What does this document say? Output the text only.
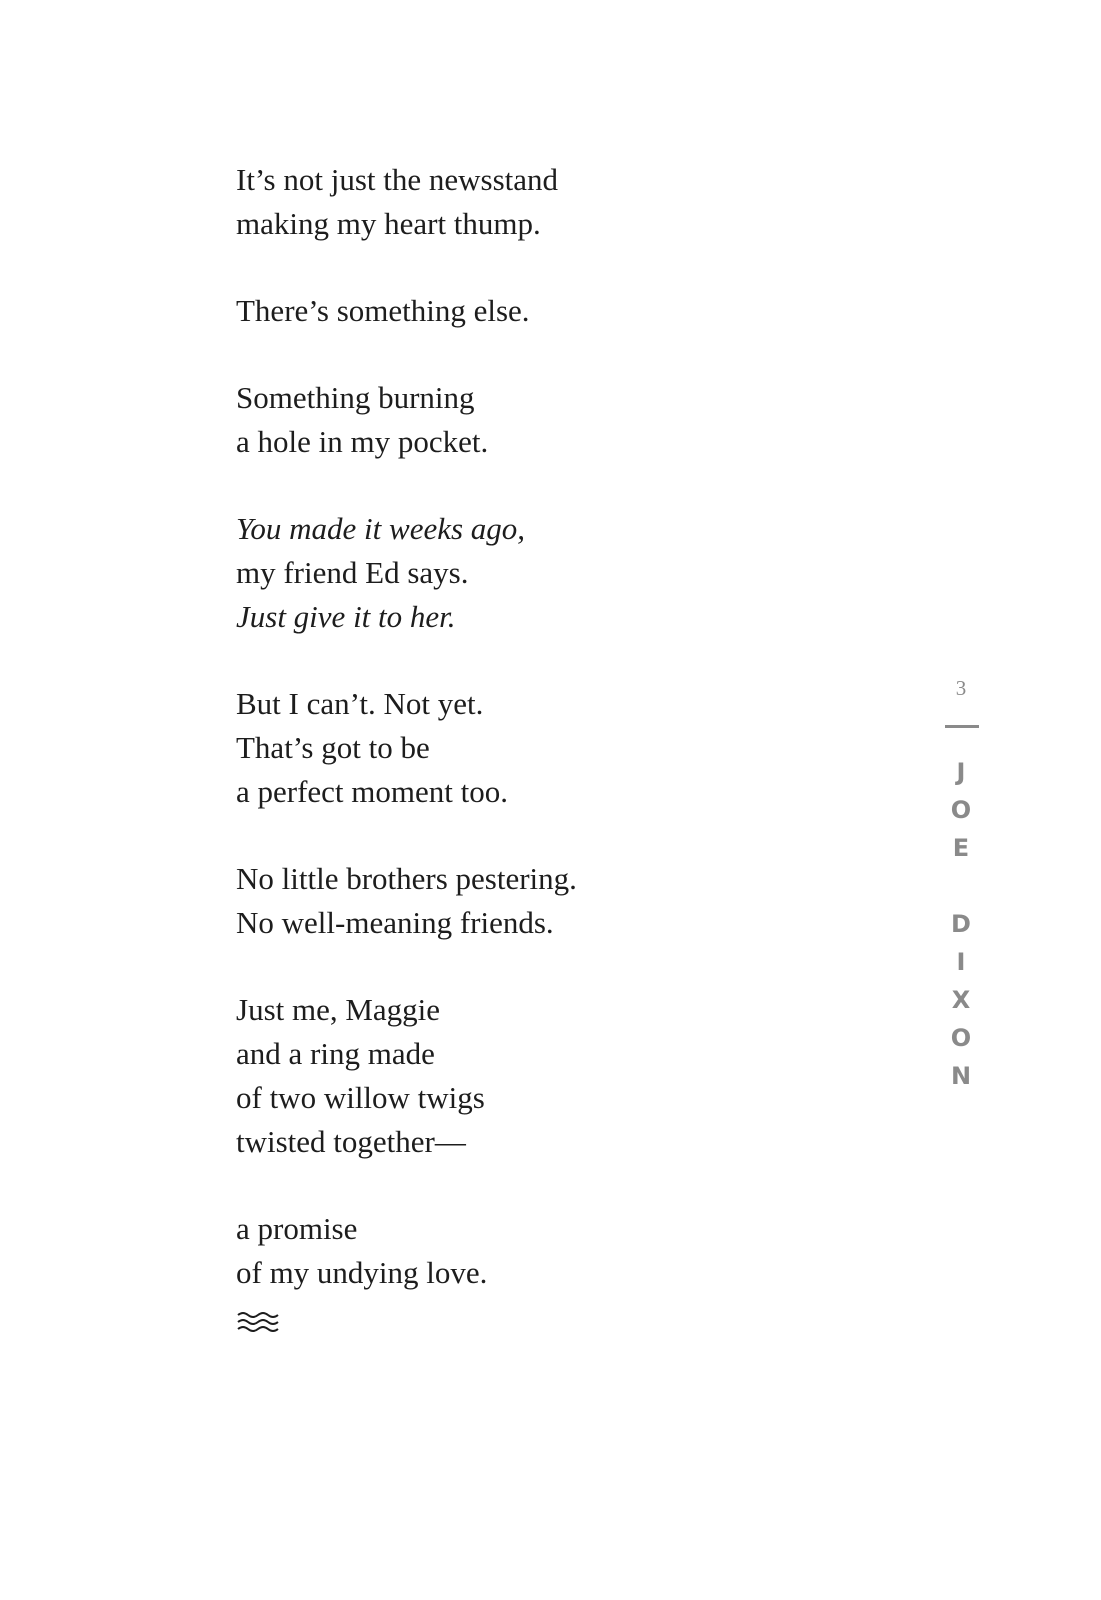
It’s not just the newsstand
making my heart thump.
There’s something else.
Something burning
a hole in my pocket.
You made it weeks ago,
my friend Ed says.
Just give it to her.
But I can’t. Not yet.
That’s got to be
a perfect moment too.
No little brothers pestering.
No well-meaning friends.
Just me, Maggie
and a ring made
of two willow twigs
twisted together—
a promise
of my undying love.
3
J
O
E
D
I
X
O
N
